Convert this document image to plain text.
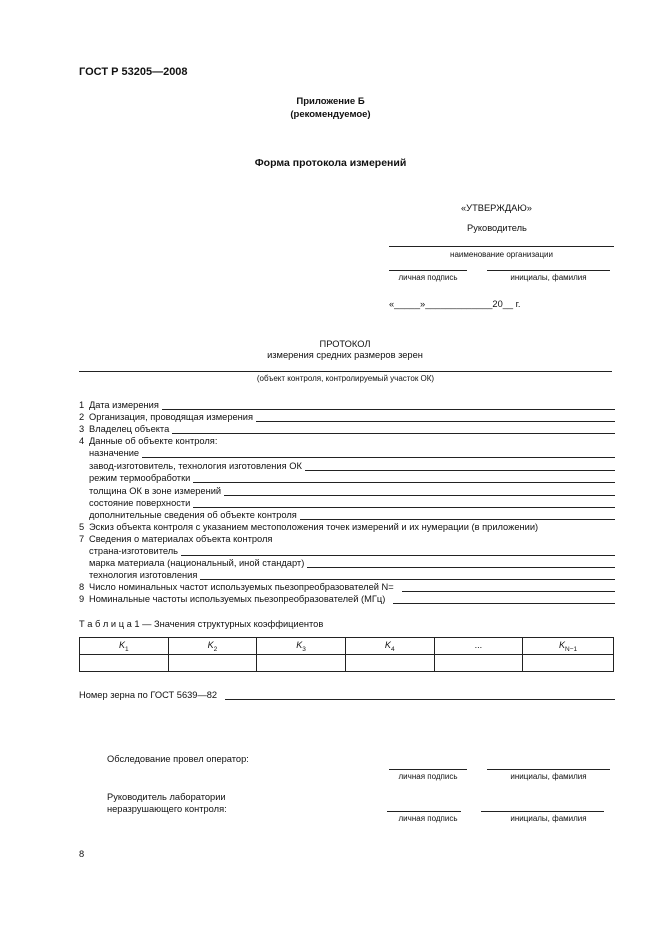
ГОСТ Р 53205—2008
Приложение Б
(рекомендуемое)
Форма протокола измерений
«УТВЕРЖДАЮ»
Руководитель
наименование организации
личная подпись	инициалы, фамилия
«_____»_____________20__ г.
ПРОТОКОЛ
измерения средних размеров зерен
(объект контроля, контролируемый участок ОК)
1 Дата измерения
2 Организация, проводящая измерения
3 Владелец объекта
4 Данные об объекте контроля:
назначение
завод-изготовитель, технология изготовления ОК
режим термообработки
толщина ОК в зоне измерений
состояние поверхности
дополнительные сведения об объекте контроля
5 Эскиз объекта контроля с указанием местоположения точек измерений и их нумерации (в приложении)
7 Сведения о материалах объекта контроля
страна-изготовитель
марка материала (национальный, иной стандарт)
технология изготовления
8 Число номинальных частот используемых пьезопреобразователей N=
9 Номинальные частоты используемых пьезопреобразователей (МГц)
Т а б л и ц а 1 — Значения структурных коэффициентов
$K_1$	$K_2$	$K_3$	$K_4$	...	$K_{N-1}$

Номер зерна по ГОСТ 5639—82
Обследование провел оператор:
личная подпись	инициалы, фамилия
Руководитель лаборатории
неразрушающего контроля:
личная подпись	инициалы, фамилия
8
